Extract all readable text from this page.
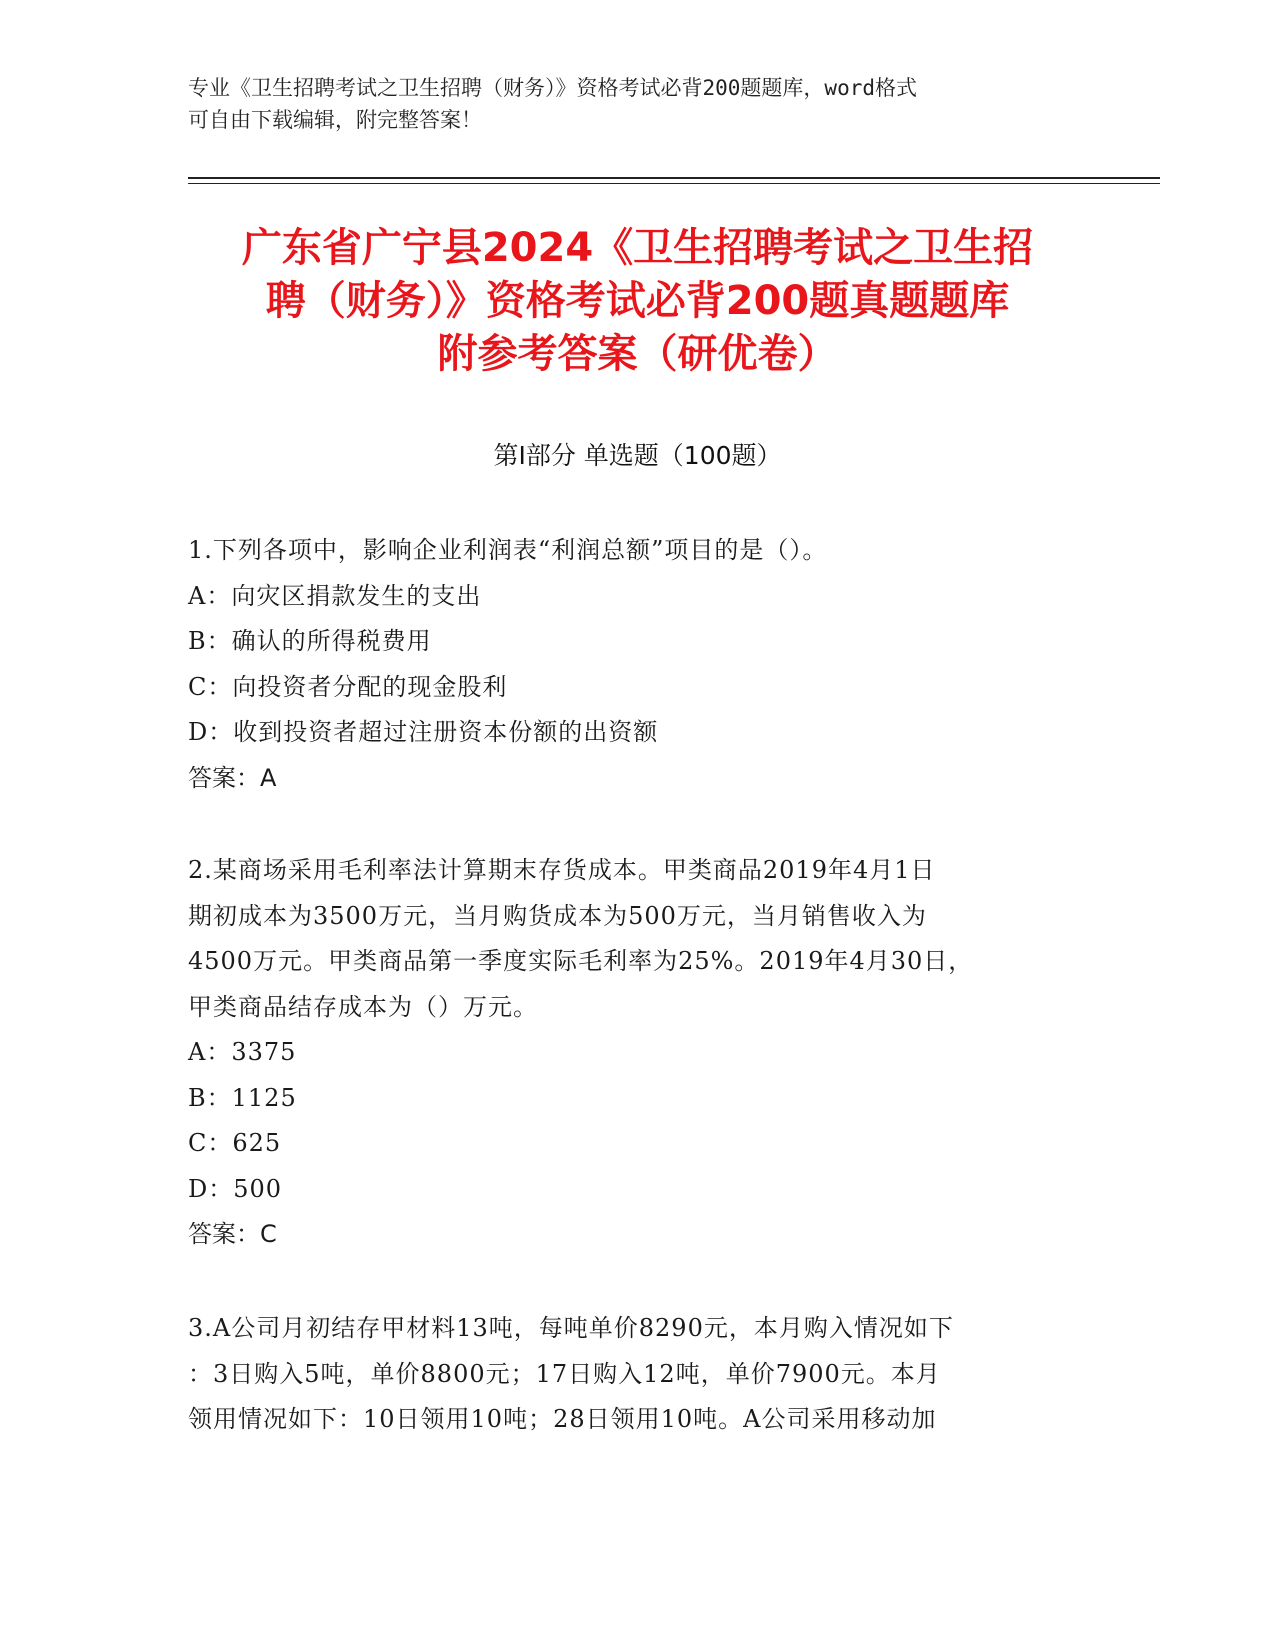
专业《卫生招聘考试之卫生招聘（财务）》资格考试必背200题题库，word格式
可自由下载编辑，附完整答案！
广东省广宁县2024《卫生招聘考试之卫生招
聘（财务）》资格考试必背200题真题题库
附参考答案（研优卷）
第Ⅰ部分 单选题（100题）

1.下列各项中，影响企业利润表“利润总额”项目的是（）。

A：向灾区捐款发生的支出

B：确认的所得税费用

C：向投资者分配的现金股利

D：收到投资者超过注册资本份额的出资额

答案：A

2.某商场采用毛利率法计算期末存货成本。甲类商品2019年4月1日

期初成本为3500万元，当月购货成本为500万元，当月销售收入为

4500万元。甲类商品第一季度实际毛利率为25%。2019年4月30日，

甲类商品结存成本为（）万元。

A：3375

B：1125

C：625

D：500

答案：C

3.A公司月初结存甲材料13吨，每吨单价8290元，本月购入情况如下

：3日购入5吨，单价8800元；17日购入12吨，单价7900元。本月

领用情况如下：10日领用10吨；28日领用10吨。A公司采用移动加
